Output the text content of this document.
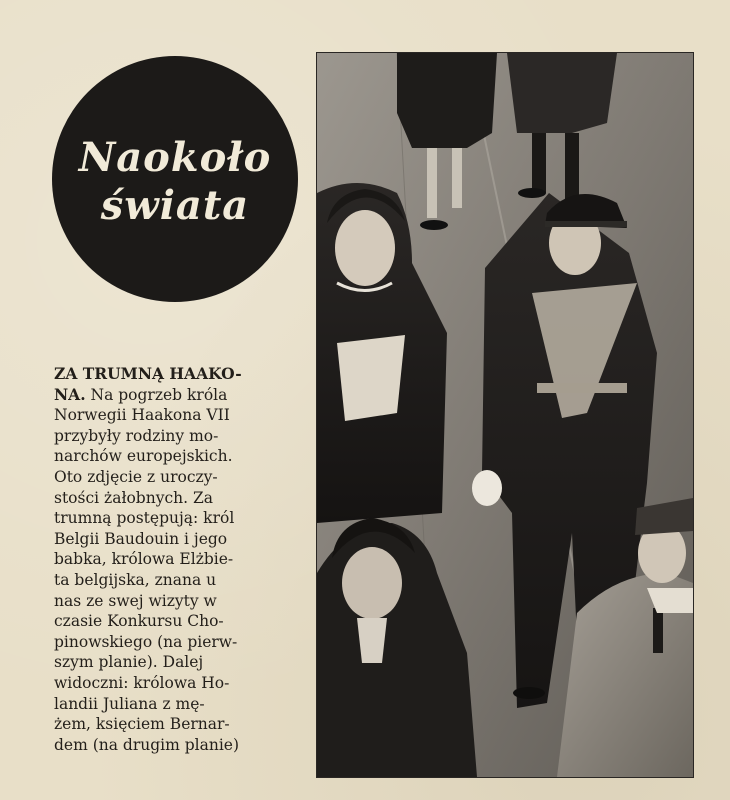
Naokoło
świata
ZA TRUMNĄ HAAKO-
NA. Na pogrzeb króla
Norwegii Haakona VII
przybyły rodziny mo-
narchów europejskich.
Oto zdjęcie z uroczy-
stości żałobnych. Za
trumną postępują: król
Belgii Baudouin i jego
babka, królowa Elżbie-
ta belgijska, znana u
nas ze swej wizyty w
czasie Konkursu Cho-
pinowskiego (na pierw-
szym planie). Dalej
widoczni: królowa Ho-
landii Juliana z mę-
żem, księciem Bernar-
dem (na drugim planie)
